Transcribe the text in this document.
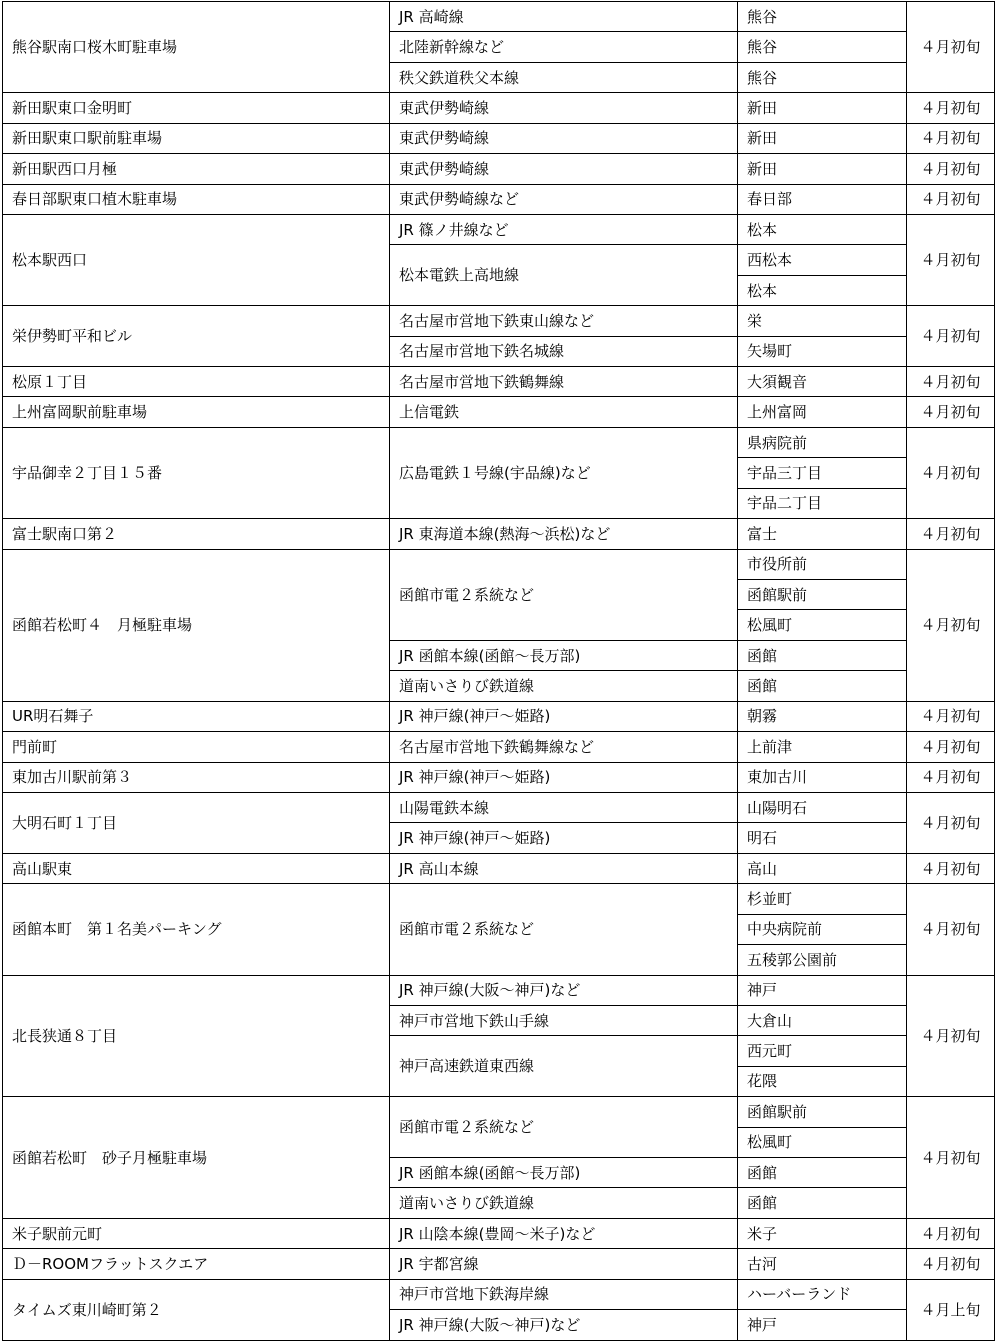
熊谷駅南口桜木町駐車場	JR 高崎線	熊谷	４月初旬
	北陸新幹線など	熊谷	
	秩父鉄道秩父本線	熊谷	
新田駅東口金明町	東武伊勢崎線	新田	４月初旬
新田駅東口駅前駐車場	東武伊勢崎線	新田	４月初旬
新田駅西口月極	東武伊勢崎線	新田	４月初旬
春日部駅東口植木駐車場	東武伊勢崎線など	春日部	４月初旬
松本駅西口	JR 篠ノ井線など	松本	４月初旬
	松本電鉄上高地線	西松本	
		松本	
栄伊勢町平和ビル	名古屋市営地下鉄東山線など	栄	４月初旬
	名古屋市営地下鉄名城線	矢場町	
松原１丁目	名古屋市営地下鉄鶴舞線	大須観音	４月初旬
上州富岡駅前駐車場	上信電鉄	上州富岡	４月初旬
宇品御幸２丁目１５番	広島電鉄１号線(宇品線)など	県病院前	４月初旬
		宇品三丁目	
		宇品二丁目	
富士駅南口第２	JR 東海道本線(熱海～浜松)など	富士	４月初旬
函館若松町４　月極駐車場	函館市電２系統など	市役所前	４月初旬
		函館駅前	
		松風町	
	JR 函館本線(函館～長万部)	函館	
	道南いさりび鉄道線	函館	
UR明石舞子	JR 神戸線(神戸～姫路)	朝霧	４月初旬
門前町	名古屋市営地下鉄鶴舞線など	上前津	４月初旬
東加古川駅前第３	JR 神戸線(神戸～姫路)	東加古川	４月初旬
大明石町１丁目	山陽電鉄本線	山陽明石	４月初旬
	JR 神戸線(神戸～姫路)	明石	
高山駅東	JR 高山本線	高山	４月初旬
函館本町　第１名美パーキング	函館市電２系統など	杉並町	４月初旬
		中央病院前	
		五稜郭公園前	
北長狭通８丁目	JR 神戸線(大阪～神戸)など	神戸	４月初旬
	神戸市営地下鉄山手線	大倉山	
	神戸高速鉄道東西線	西元町	
		花隈	
函館若松町　砂子月極駐車場	函館市電２系統など	函館駅前	４月初旬
		松風町	
	JR 函館本線(函館～長万部)	函館	
	道南いさりび鉄道線	函館	
米子駅前元町	JR 山陰本線(豊岡～米子)など	米子	４月初旬
Ｄ－ROOMフラットスクエア	JR 宇都宮線	古河	４月初旬
タイムズ東川崎町第２	神戸市営地下鉄海岸線	ハーバーランド	４月上旬
	JR 神戸線(大阪～神戸)など	神戸	
